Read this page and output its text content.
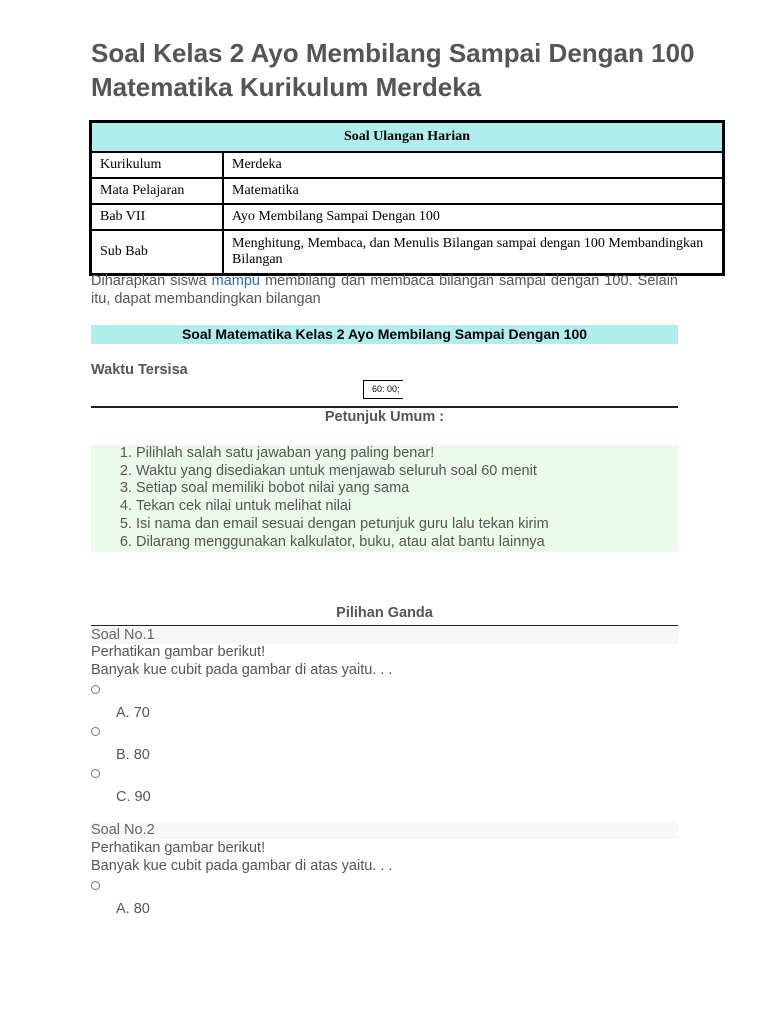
Soal Kelas 2 Ayo Membilang Sampai Dengan 100 Matematika Kurikulum Merdeka
Soal Ulangan Harian	
Kurikulum	Merdeka
Mata Pelajaran	Matematika
Bab VII	Ayo Membilang Sampai Dengan 100
Sub Bab	Menghitung, Membaca, dan Menulis Bilangan sampai dengan 100 Membandingkan Bilangan

Diharapkan siswa mampu membilang dan membaca bilangan sampai dengan 100. Selain itu, dapat membandingkan bilangan

Soal Matematika Kelas 2 Ayo Membilang Sampai Dengan 100
Waktu Tersisa
60: 00;
Petunjuk Umum :
1. Pilihlah salah satu jawaban yang paling benar!
2. Waktu yang disediakan untuk menjawab seluruh soal 60 menit
3. Setiap soal memiliki bobot nilai yang sama
4. Tekan cek nilai untuk melihat nilai
5. Isi nama dan email sesuai dengan petunjuk guru lalu tekan kirim
6. Dilarang menggunakan kalkulator, buku, atau alat bantu lainnya
Pilihan Ganda
Soal No.1
Perhatikan gambar berikut!
Banyak kue cubit pada gambar di atas yaitu. . .
A. 70
B. 80
C. 90
Soal No.2
Perhatikan gambar berikut!
Banyak kue cubit pada gambar di atas yaitu. . .
A. 80
